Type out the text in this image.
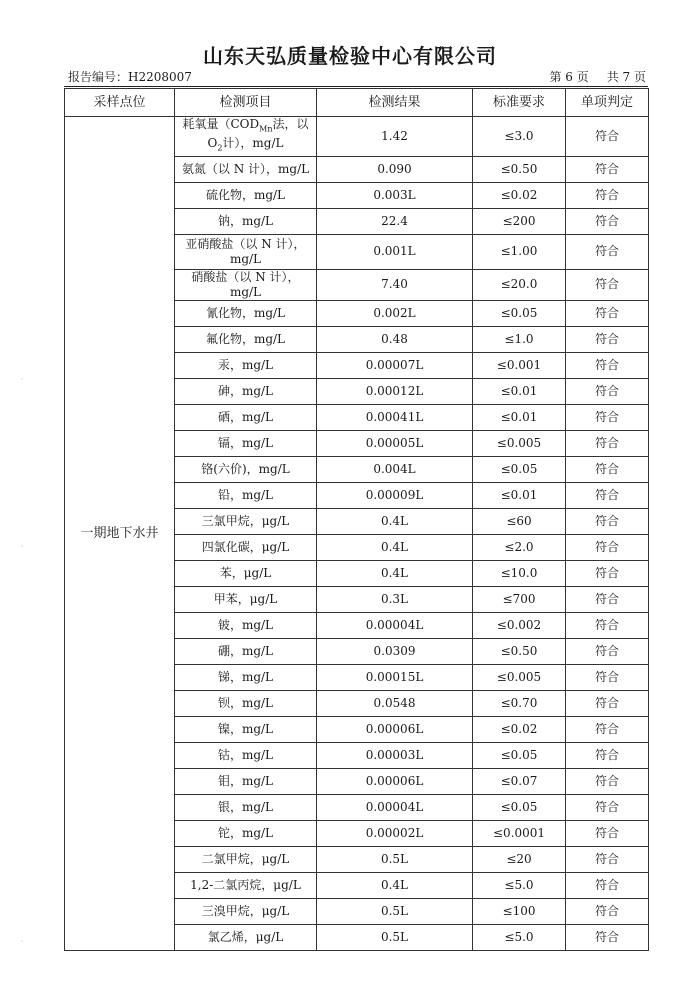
山东天弘质量检验中心有限公司
报告编号：H2208007	第 6 页 共 7 页
采样点位	检测项目	检测结果	标准要求	单项判定
一期地下水井	耗氧量（$COD_{Mn}$法，以
$O_2$计），mg/L	1.42	≤3.0	符合
	氨氮（以 N 计），mg/L	0.090	≤0.50	符合
	硫化物，mg/L	0.003L	≤0.02	符合
	钠，mg/L	22.4	≤200	符合
	亚硝酸盐（以 N 计），
mg/L	0.001L	≤1.00	符合
	硝酸盐（以 N 计），mg/L	7.40	≤20.0	符合
	氰化物，mg/L	0.002L	≤0.05	符合
	氟化物，mg/L	0.48	≤1.0	符合
	汞，mg/L	0.00007L	≤0.001	符合
	砷，mg/L	0.00012L	≤0.01	符合
	硒，mg/L	0.00041L	≤0.01	符合
	镉，mg/L	0.00005L	≤0.005	符合
	铬(六价)，mg/L	0.004L	≤0.05	符合
	铅，mg/L	0.00009L	≤0.01	符合
	三氯甲烷，μg/L	0.4L	≤60	符合
	四氯化碳，μg/L	0.4L	≤2.0	符合
	苯，μg/L	0.4L	≤10.0	符合
	甲苯，μg/L	0.3L	≤700	符合
	铍，mg/L	0.00004L	≤0.002	符合
	硼，mg/L	0.0309	≤0.50	符合
	锑，mg/L	0.00015L	≤0.005	符合
	钡，mg/L	0.0548	≤0.70	符合
	镍，mg/L	0.00006L	≤0.02	符合
	钴，mg/L	0.00003L	≤0.05	符合
	钼，mg/L	0.00006L	≤0.07	符合
	银，mg/L	0.00004L	≤0.05	符合
	铊，mg/L	0.00002L	≤0.0001	符合
	二氯甲烷，μg/L	0.5L	≤20	符合
	1,2-二氯丙烷，μg/L	0.4L	≤5.0	符合
	三溴甲烷，μg/L	0.5L	≤100	符合
	氯乙烯，μg/L	0.5L	≤5.0	符合
˙
˙
˙
